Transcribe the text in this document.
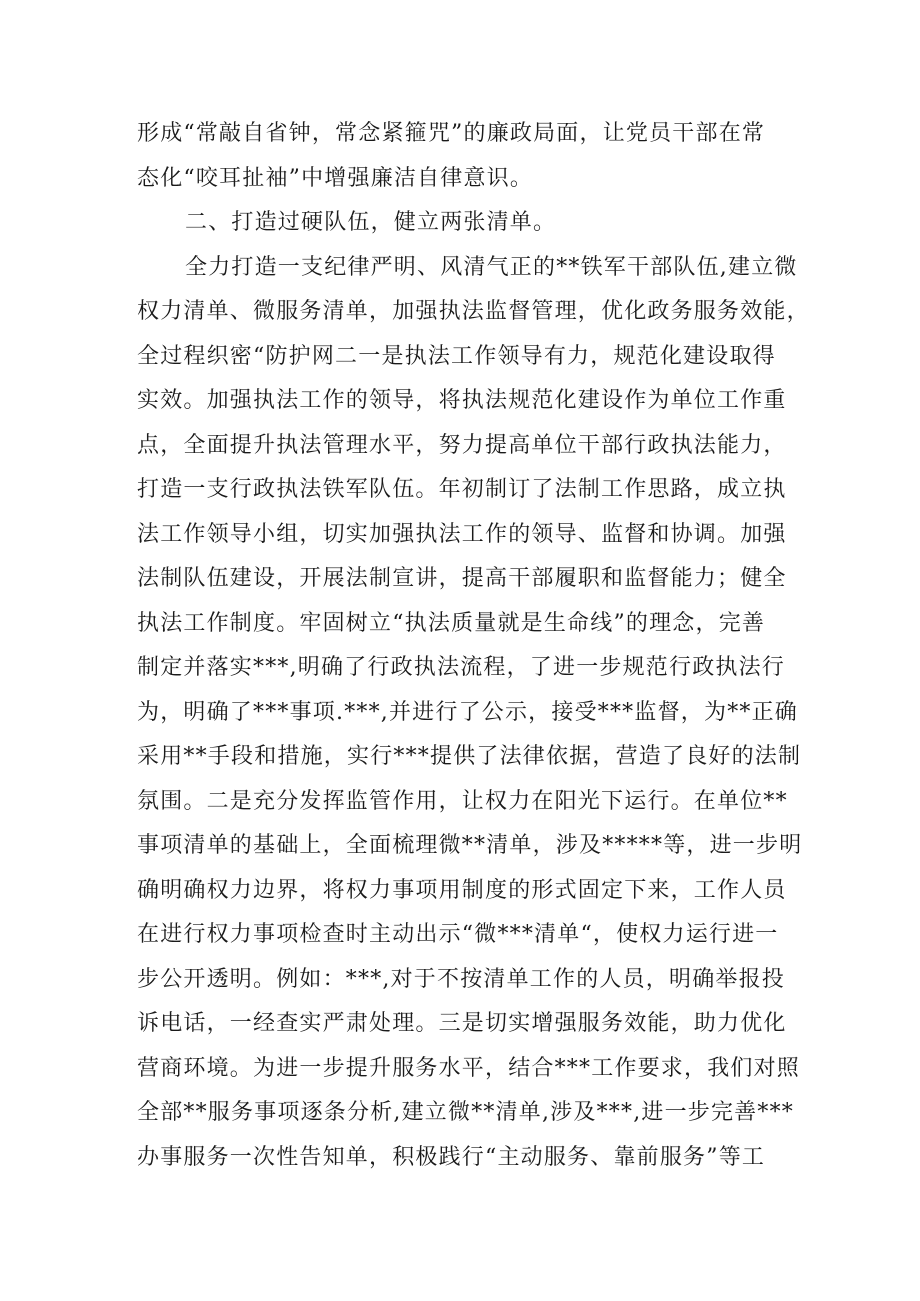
形成“常敲自省钟，常念紧箍咒”的廉政局面，让党员干部在常
态化“咬耳扯袖”中增强廉洁自律意识。
二、打造过硬队伍，健立两张清单。
全力打造一支纪律严明、风清气正的**铁军干部队伍,建立微
权力清单、微服务清单，加强执法监督管理，优化政务服务效能，
全过程织密“防护网二一是执法工作领导有力，规范化建设取得
实效。加强执法工作的领导，将执法规范化建设作为单位工作重
点，全面提升执法管理水平，努力提高单位干部行政执法能力，
打造一支行政执法铁军队伍。年初制订了法制工作思路，成立执
法工作领导小组，切实加强执法工作的领导、监督和协调。加强
法制队伍建设，开展法制宣讲，提高干部履职和监督能力；健全
执法工作制度。牢固树立“执法质量就是生命线”的理念，完善
制定并落实***,明确了行政执法流程，了进一步规范行政执法行
为，明确了***事项.***,并进行了公示，接受***监督，为**正确
采用**手段和措施，实行***提供了法律依据，营造了良好的法制
氛围。二是充分发挥监管作用，让权力在阳光下运行。在单位**
事项清单的基础上，全面梳理微**清单，涉及*****等，进一步明
确明确权力边界，将权力事项用制度的形式固定下来，工作人员
在进行权力事项检查时主动出示“微***清单“，使权力运行进一
步公开透明。例如：***,对于不按清单工作的人员，明确举报投
诉电话，一经查实严肃处理。三是切实增强服务效能，助力优化
营商环境。为进一步提升服务水平，结合***工作要求，我们对照
全部**服务事项逐条分析,建立微**清单,涉及***,进一步完善***
办事服务一次性告知单，积极践行“主动服务、靠前服务”等工
